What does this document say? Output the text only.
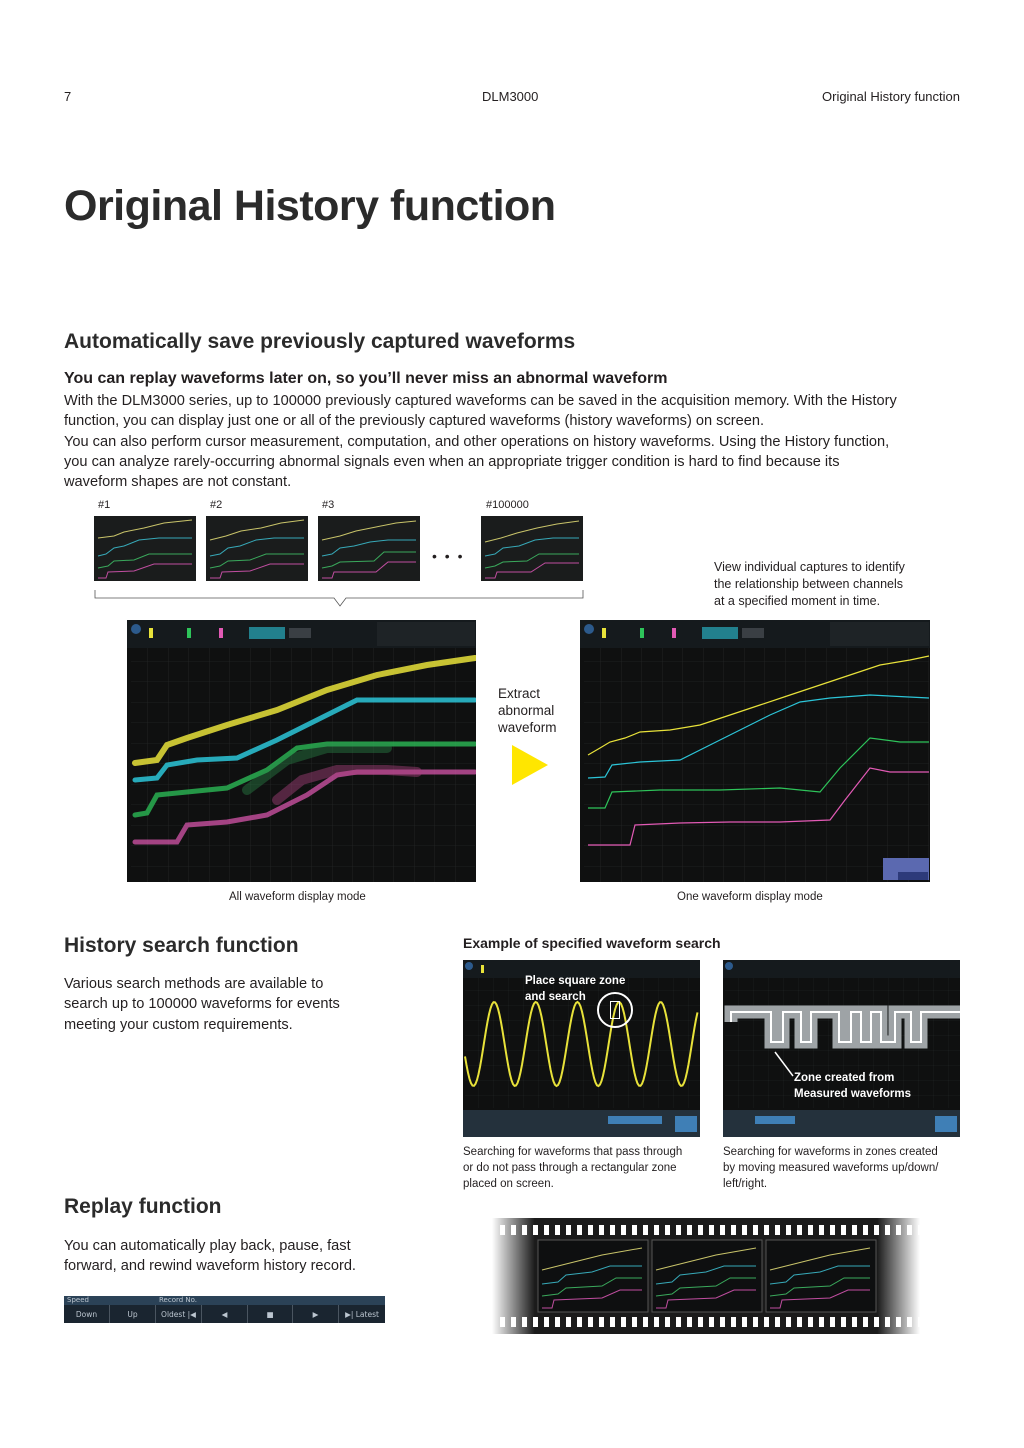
7	DLM3000	Original History function
Original History function
Automatically save previously captured waveforms
You can replay waveforms later on, so you’ll never miss an abnormal waveform
With the DLM3000 series, up to 100000 previously captured waveforms can be saved in the acquisition memory. With the History
function, you can display just one or all of the previously captured waveforms (history waveforms) on screen.
You can also perform cursor measurement, computation, and other operations on history waveforms. Using the History function,
you can analyze rarely-occurring abnormal signals even when an appropriate trigger condition is hard to find because its
waveform shapes are not constant.
#1	#2	#3	#100000
• • •
View individual captures to identify
the relationship between channels
at a specified moment in time.
Extract
abnormal
waveform
All waveform display mode	One waveform display mode
History search function
Various search methods are available to
search up to 100000 waveforms for events
meeting your custom requirements.
Example of specified waveform search
Place square zone
and search
Zone created from
Measured waveforms
Searching for waveforms that pass through
or do not pass through a rectangular zone
placed on screen.
Searching for waveforms in zones created
by moving measured waveforms up/down/
left/right.
Replay function
You can automatically play back, pause, fast
forward, and rewind waveform history record.
Speed	Record No.
Down	Up	Oldest |◀	◀	■	▶	▶| Latest
